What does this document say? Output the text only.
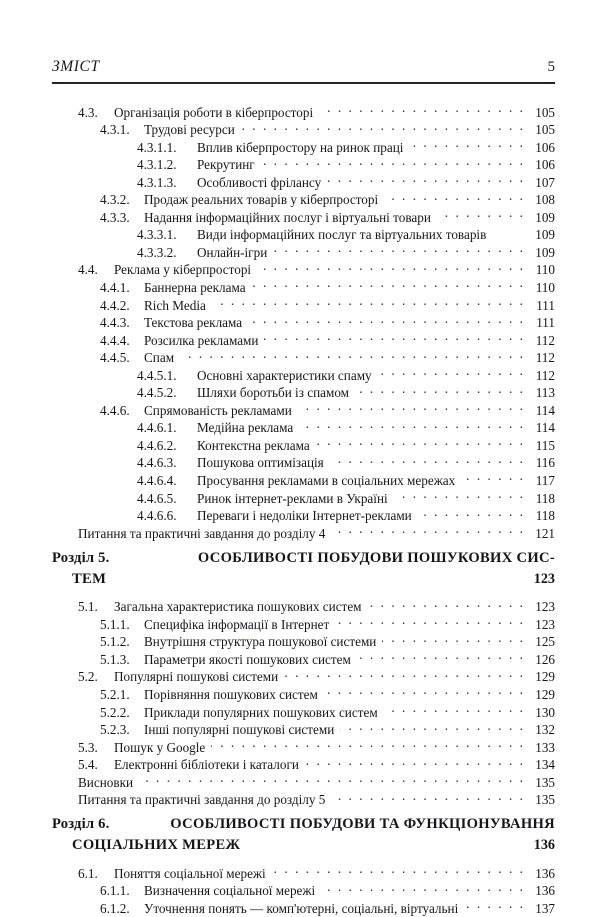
ЗМІСТ	5
4.3.	Організація роботи в кіберпросторі . . .	105
4.3.1.	Трудові ресурси . . .	105
4.3.1.1.	Вплив кіберпростору на ринок праці . . .	106
4.3.1.2.	Рекрутинг . . .	106
4.3.1.3.	Особливості фрілансу . . .	107
4.3.2.	Продаж реальних товарів у кіберпросторі . . .	108
4.3.3.	Надання інформаційних послуг і віртуальні товари . . .	109
4.3.3.1.	Види інформаційних послуг та віртуальних товарів	109
4.3.3.2.	Онлайн-ігри . . .	109
4.4.	Реклама у кіберпросторі . . .	110
4.4.1.	Баннерна реклама . . .	110
4.4.2.	Rich Media . . .	111
4.4.3.	Текстова реклама . . .	111
4.4.4.	Розсилка рекламами . . .	112
4.4.5.	Спам . . .	112
4.4.5.1.	Основні характеристики спаму . . .	112
4.4.5.2.	Шляхи боротьби із спамом . . .	113
4.4.6.	Спрямованість рекламами . . .	114
4.4.6.1.	Медійна реклама . . .	114
4.4.6.2.	Контекстна реклама . . .	115
4.4.6.3.	Пошукова оптимізація . . .	116
4.4.6.4.	Просування рекламами в соціальних мережах . . .	117
4.4.6.5.	Ринок інтернет-реклами в Україні . . .	118
4.4.6.6.	Переваги і недоліки Інтернет-реклами . . .	118
Питання та практичні завдання до розділу 4 . . .	121
Розділ 5.	ОСОБЛИВОСТІ ПОБУДОВИ ПОШУКОВИХ СИС-
ТЕМ	123
5.1.	Загальна характеристика пошукових систем . . .	123
5.1.1.	Специфіка інформації в Інтернет . . .	123
5.1.2.	Внутрішня структура пошукової системи . . .	125
5.1.3.	Параметри якості пошукових систем . . .	126
5.2.	Популярні пошукові системи . . .	129
5.2.1.	Порівняння пошукових систем . . .	129
5.2.2.	Приклади популярних пошукових систем . . .	130
5.2.3.	Інші популярні пошукові системи . . .	132
5.3.	Пошук у Google . . .	133
5.4.	Електронні бібліотеки і каталоги . . .	134
Висновки . . .	135
Питання та практичні завдання до розділу 5 . . .	135
Розділ 6.	ОСОБЛИВОСТІ ПОБУДОВИ ТА ФУНКЦІОНУВАННЯ
СОЦІАЛЬНИХ МЕРЕЖ	136
6.1.	Поняття соціальної мережі . . .	136
6.1.1.	Визначення соціальної мережі . . .	136
6.1.2.	Уточнення понять — комп'ютерні, соціальні, віртуальні . . .	137
